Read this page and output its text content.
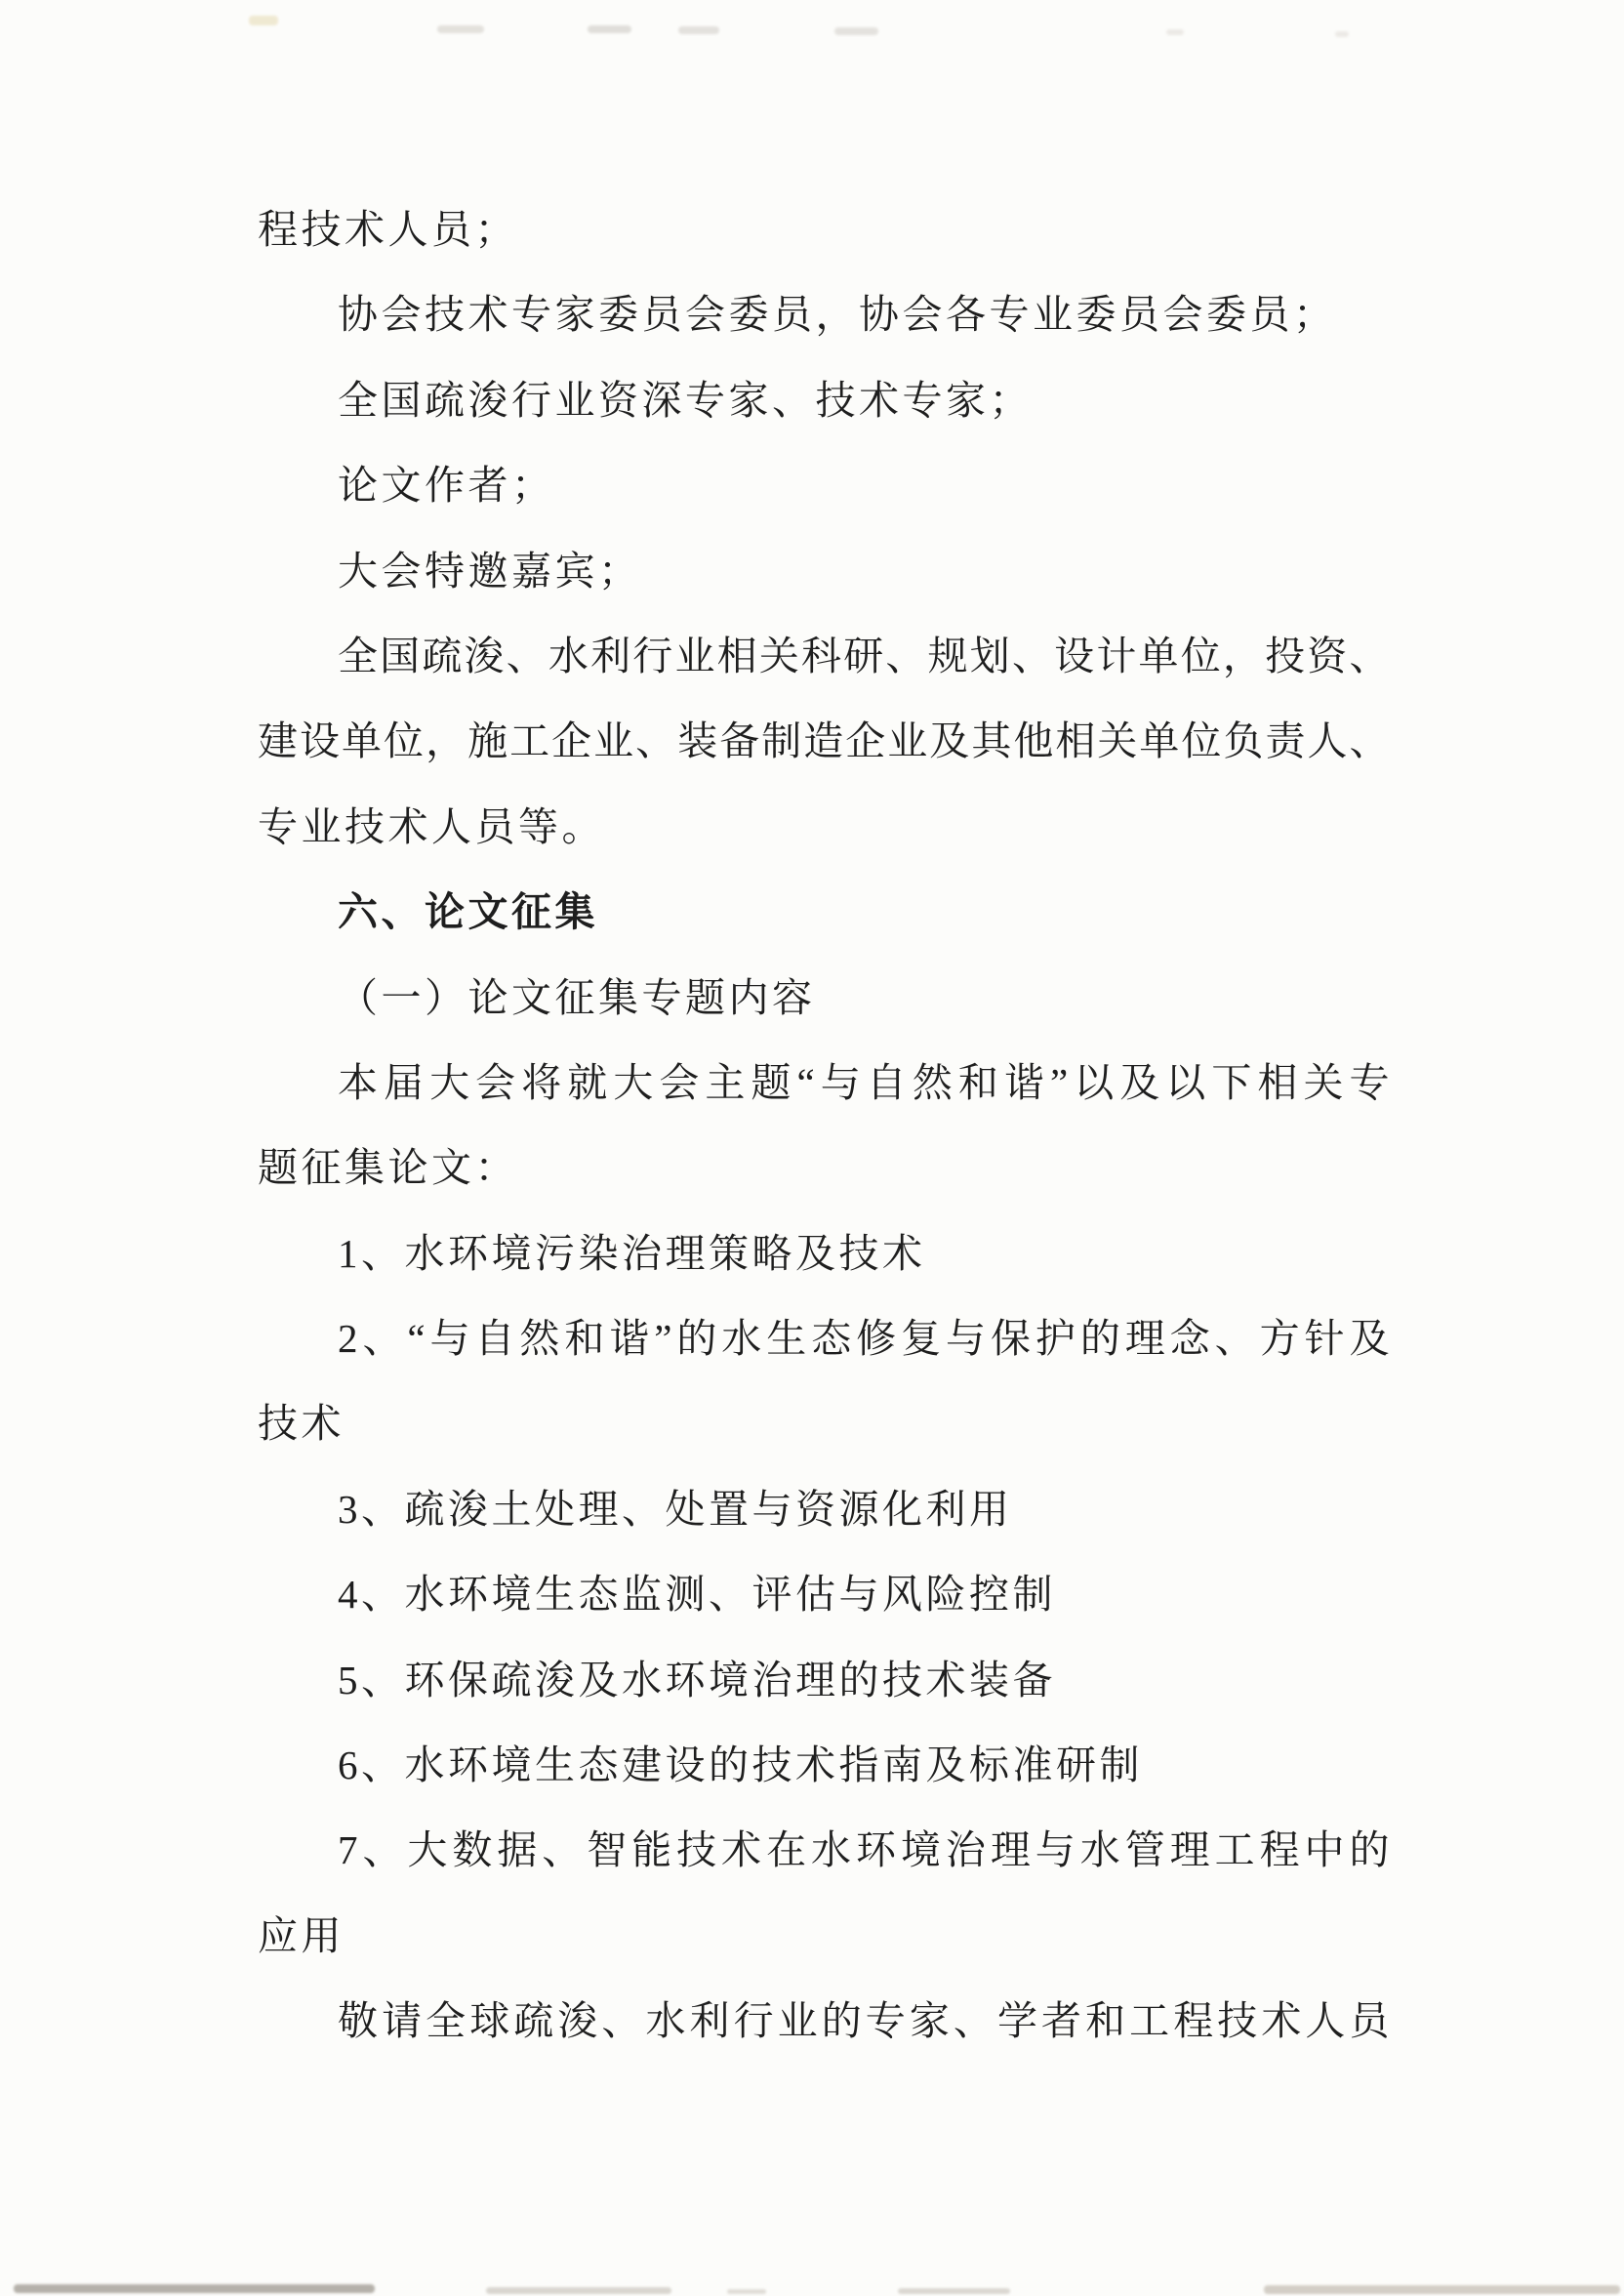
程技术人员；
协会技术专家委员会委员，协会各专业委员会委员；
全国疏浚行业资深专家、技术专家；
论文作者；
大会特邀嘉宾；
全国疏浚、水利行业相关科研、规划、设计单位，投资、
建设单位，施工企业、装备制造企业及其他相关单位负责人、
专业技术人员等。
六、论文征集
（一）论文征集专题内容
本届大会将就大会主题“与自然和谐”以及以下相关专
题征集论文：
1、水环境污染治理策略及技术
2、“与自然和谐”的水生态修复与保护的理念、方针及
技术
3、疏浚土处理、处置与资源化利用
4、水环境生态监测、评估与风险控制
5、环保疏浚及水环境治理的技术装备
6、水环境生态建设的技术指南及标准研制
7、大数据、智能技术在水环境治理与水管理工程中的
应用
敬请全球疏浚、水利行业的专家、学者和工程技术人员
